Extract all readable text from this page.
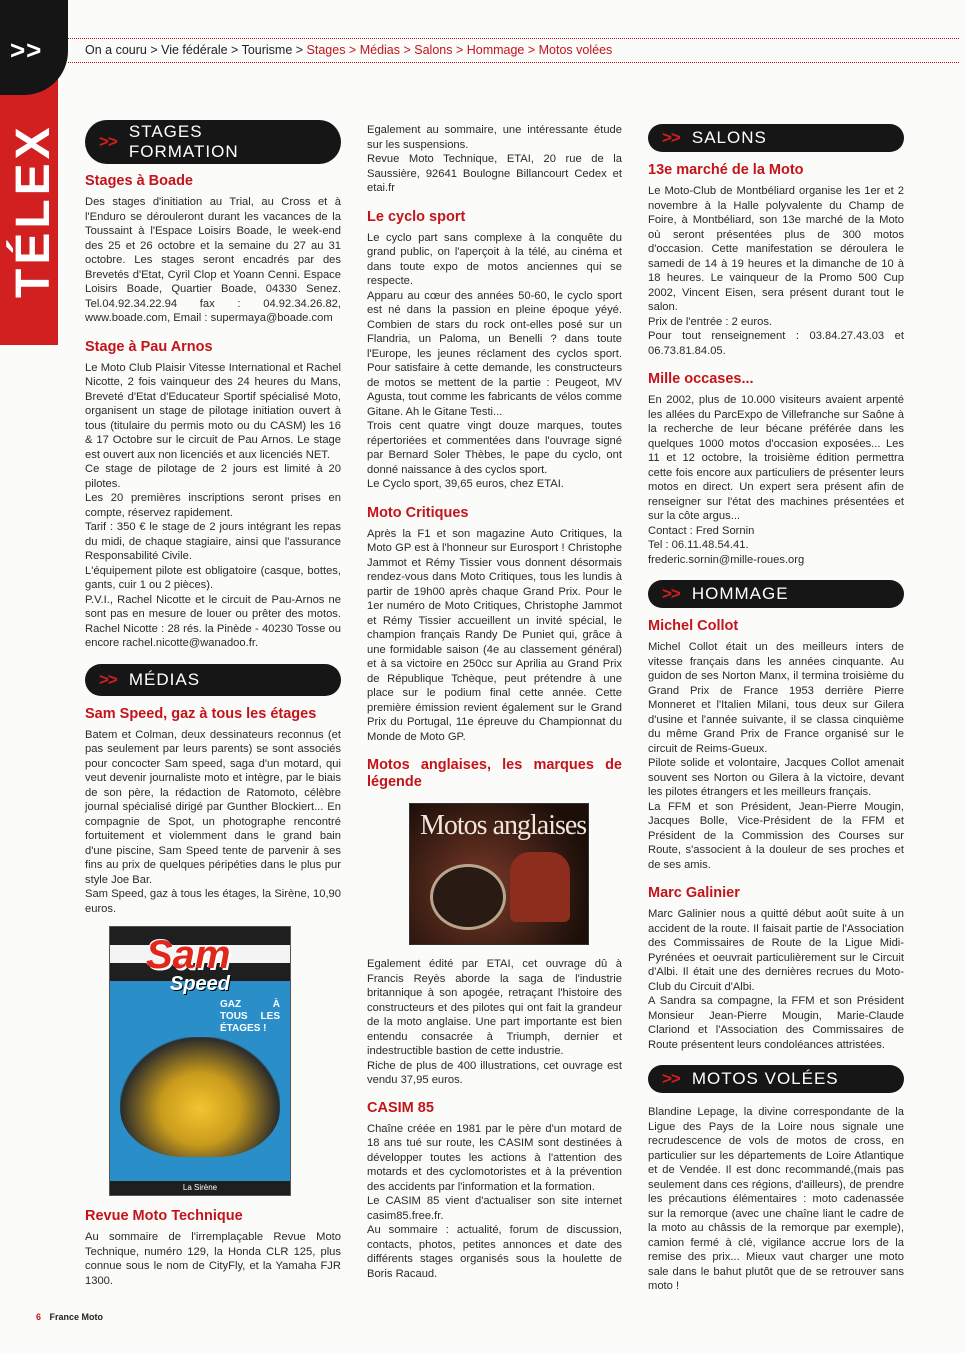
>>
TÉLEX
On a couru > Vie fédérale > Tourisme > Stages > Médias > Salons > Hommage > Motos volées
>>
STAGES
FORMATION
Stages à Boade

Des stages d'initiation au Trial, au Cross et à l'Enduro se dérouleront durant les vacances de la Toussaint à l'Espace Loisirs Boade, le week-end des 25 et 26 octobre et la semaine du 27 au 31 octobre. Les stages seront encadrés par des Brevetés d'Etat, Cyril Clop et Yoann Cenni. Espace Loisirs Boade, Quartier Boade, 04330 Senez. Tel.04.92.34.22.94 fax : 04.92.34.26.82, www.boade.com, Email : supermaya@boade.com

Stage à Pau Arnos

Le Moto Club Plaisir Vitesse International et Rachel Nicotte, 2 fois vainqueur des 24 heures du Mans, Breveté d'Etat d'Educateur Sportif spécialisé Moto, organisent un stage de pilotage initiation ouvert à tous (titulaire du permis moto ou du CASM) les 16 & 17 Octobre sur le circuit de Pau Arnos. Le stage est ouvert aux non licenciés et aux licenciés NET.

Ce stage de pilotage de 2 jours est limité à 20 pilotes.

Les 20 premières inscriptions seront prises en compte, réservez rapidement.

Tarif : 350 € le stage de 2 jours intégrant les repas du midi, de chaque stagiaire, ainsi que l'assurance Responsabilité Civile.

L'équipement pilote est obligatoire (casque, bottes, gants, cuir 1 ou 2 pièces).

P.V.I., Rachel Nicotte et le circuit de Pau-Arnos ne sont pas en mesure de louer ou prêter des motos. Rachel Nicotte : 28 rés. la Pinède - 40230 Tosse ou encore rachel.nicotte@wanadoo.fr.

>> MÉDIAS
Sam Speed, gaz à tous les étages

Batem et Colman, deux dessinateurs reconnus (et pas seulement par leurs parents) se sont associés pour concocter Sam speed, saga d'un motard, qui veut devenir journaliste moto et intègre, par le biais de son père, la rédaction de Ratomoto, célèbre journal spécialisé dirigé par Gunther Blockiert... En compagnie de Spot, un photographe rencontré fortuitement et violemment dans le grand bain d'une piscine, Sam Speed tente de parvenir à ses fins au prix de quelques péripéties dans le plus pur style Joe Bar.

Sam Speed, gaz à tous les étages, la Sirène, 10,90 euros.

Sam
Speed
GAZ À TOUS LES ÉTAGES !
La Sirène
Revue Moto Technique

Au sommaire de l'irremplaçable Revue Moto Technique, numéro 129, la Honda CLR 125, plus connue sous le nom de CityFly, et la Yamaha FJR 1300.

Egalement au sommaire, une intéressante étude sur les suspensions.

Revue Moto Technique, ETAI, 20 rue de la Saussière, 92641 Boulogne Billancourt Cedex et etai.fr

Le cyclo sport

Le cyclo part sans complexe à la conquête du grand public, on l'aperçoit à la télé, au cinéma et dans toute expo de motos anciennes qui se respecte.

Apparu au cœur des années 50-60, le cyclo sport est né dans la passion en pleine époque yéyé. Combien de stars du rock ont-elles posé sur un Flandria, un Paloma, un Benelli ? dans toute l'Europe, les jeunes réclament des cyclos sport. Pour satisfaire à cette demande, les constructeurs de motos se mettent de la partie : Peugeot, MV Agusta, tout comme les fabricants de vélos comme Gitane. Ah le Gitane Testi...

Trois cent quatre vingt douze marques, toutes répertoriées et commentées dans l'ouvrage signé par Bernard Soler Thèbes, le pape du cyclo, ont donné naissance à des cyclos sport.

Le Cyclo sport, 39,65 euros, chez ETAI.

Moto Critiques

Après la F1 et son magazine Auto Critiques, la Moto GP est à l'honneur sur Eurosport ! Christophe Jammot et Rémy Tissier vous donnent désormais rendez-vous dans Moto Critiques, tous les lundis à partir de 19h00 après chaque Grand Prix. Pour le 1er numéro de Moto Critiques, Christophe Jammot et Rémy Tissier accueillent un invité spécial, le champion français Randy De Puniet qui, grâce à une formidable saison (4e au classement général) et à sa victoire en 250cc sur Aprilia au Grand Prix de République Tchèque, peut prétendre à une place sur le podium final cette année. Cette première émission revient également sur le Grand Prix du Portugal, 11e épreuve du Championnat du Monde de Moto GP.

Motos anglaises, les marques de légende
Motos anglaises

Egalement édité par ETAI, cet ouvrage dû à Francis Reyès aborde la saga de l'industrie britannique à son apogée, retraçant l'histoire des constructeurs et des pilotes qui ont fait la grandeur de la moto anglaise. Une part importante est bien entendu consacrée à Triumph, dernier et indestructible bastion de cette industrie.

Riche de plus de 400 illustrations, cet ouvrage est vendu 37,95 euros.

CASIM 85

Chaîne créée en 1981 par le père d'un motard de 18 ans tué sur route, les CASIM sont destinées à développer toutes les actions à l'attention des motards et des cyclomotoristes et à la prévention des accidents par l'information et la formation.

Le CASIM 85 vient d'actualiser son site internet casim85.free.fr.

Au sommaire : actualité, forum de discussion, contacts, photos, petites annonces et date des différents stages organisés sous la houlette de Boris Racaud.

>> SALONS
13e marché de la Moto

Le Moto-Club de Montbéliard organise les 1er et 2 novembre à la Halle polyvalente du Champ de Foire, à Montbéliard, son 13e marché de la Moto où seront présentées plus de 300 motos d'occasion. Cette manifestation se déroulera le samedi de 14 à 19 heures et la dimanche de 10 à 18 heures. Le vainqueur de la Promo 500 Cup 2002, Vincent Eisen, sera présent durant tout le salon.

Prix de l'entrée : 2 euros.

Pour tout renseignement : 03.84.27.43.03 et 06.73.81.84.05.

Mille occases...

En 2002, plus de 10.000 visiteurs avaient arpenté les allées du ParcExpo de Villefranche sur Saône à la recherche de leur bécane préférée dans les quelques 1000 motos d'occasion exposées... Les 11 et 12 octobre, la troisième édition permettra cette fois encore aux particuliers de présenter leurs motos en direct. Un expert sera présent afin de renseigner sur l'état des machines présentées et sur la côte argus...

Contact : Fred Sornin

Tel : 06.11.48.54.41.

frederic.sornin@mille-roues.org

>> HOMMAGE
Michel Collot

Michel Collot était un des meilleurs inters de vitesse français dans les années cinquante. Au guidon de ses Norton Manx, il termina troisième du Grand Prix de France 1953 derrière Pierre Monneret et l'Italien Milani, tous deux sur Gilera d'usine et l'année suivante, il se classa cinquième du même Grand Prix de France organisé sur le circuit de Reims-Gueux.

Pilote solide et volontaire, Jacques Collot amenait souvent ses Norton ou Gilera à la victoire, devant les pilotes étrangers et les meilleurs français.

La FFM et son Président, Jean-Pierre Mougin, Jacques Bolle, Vice-Président de la FFM et Président de la Commission des Courses sur Route, s'associent à la douleur de ses proches et de ses amis.

Marc Galinier

Marc Galinier nous a quitté début août suite à un accident de la route. Il faisait partie de l'Association des Commissaires de Route de la Ligue Midi-Pyrénées et oeuvrait particulièrement sur le Circuit d'Albi. Il était une des dernières recrues du Moto-Club du Circuit d'Albi.

A Sandra sa compagne, la FFM et son Président Monsieur Jean-Pierre Mougin, Marie-Claude Clariond et l'Association des Commissaires de Route présentent leurs condoléances attristées.

>> MOTOS VOLÉES

Blandine Lepage, la divine correspondante de la Ligue des Pays de la Loire nous signale une recrudescence de vols de motos de cross, en particulier sur les départements de Loire Atlantique et de Vendée. Il est donc recommandé,(mais pas seulement dans ces régions, d'ailleurs), de prendre les précautions élémentaires : moto cadenassée sur la remorque (avec une chaîne liant le cadre de la moto au châssis de la remorque par exemple), camion fermé à clé, vigilance accrue lors de la remise des prix... Mieux vaut charger une moto sale dans le bahut plutôt que de se retrouver sans moto !

6 France Moto
